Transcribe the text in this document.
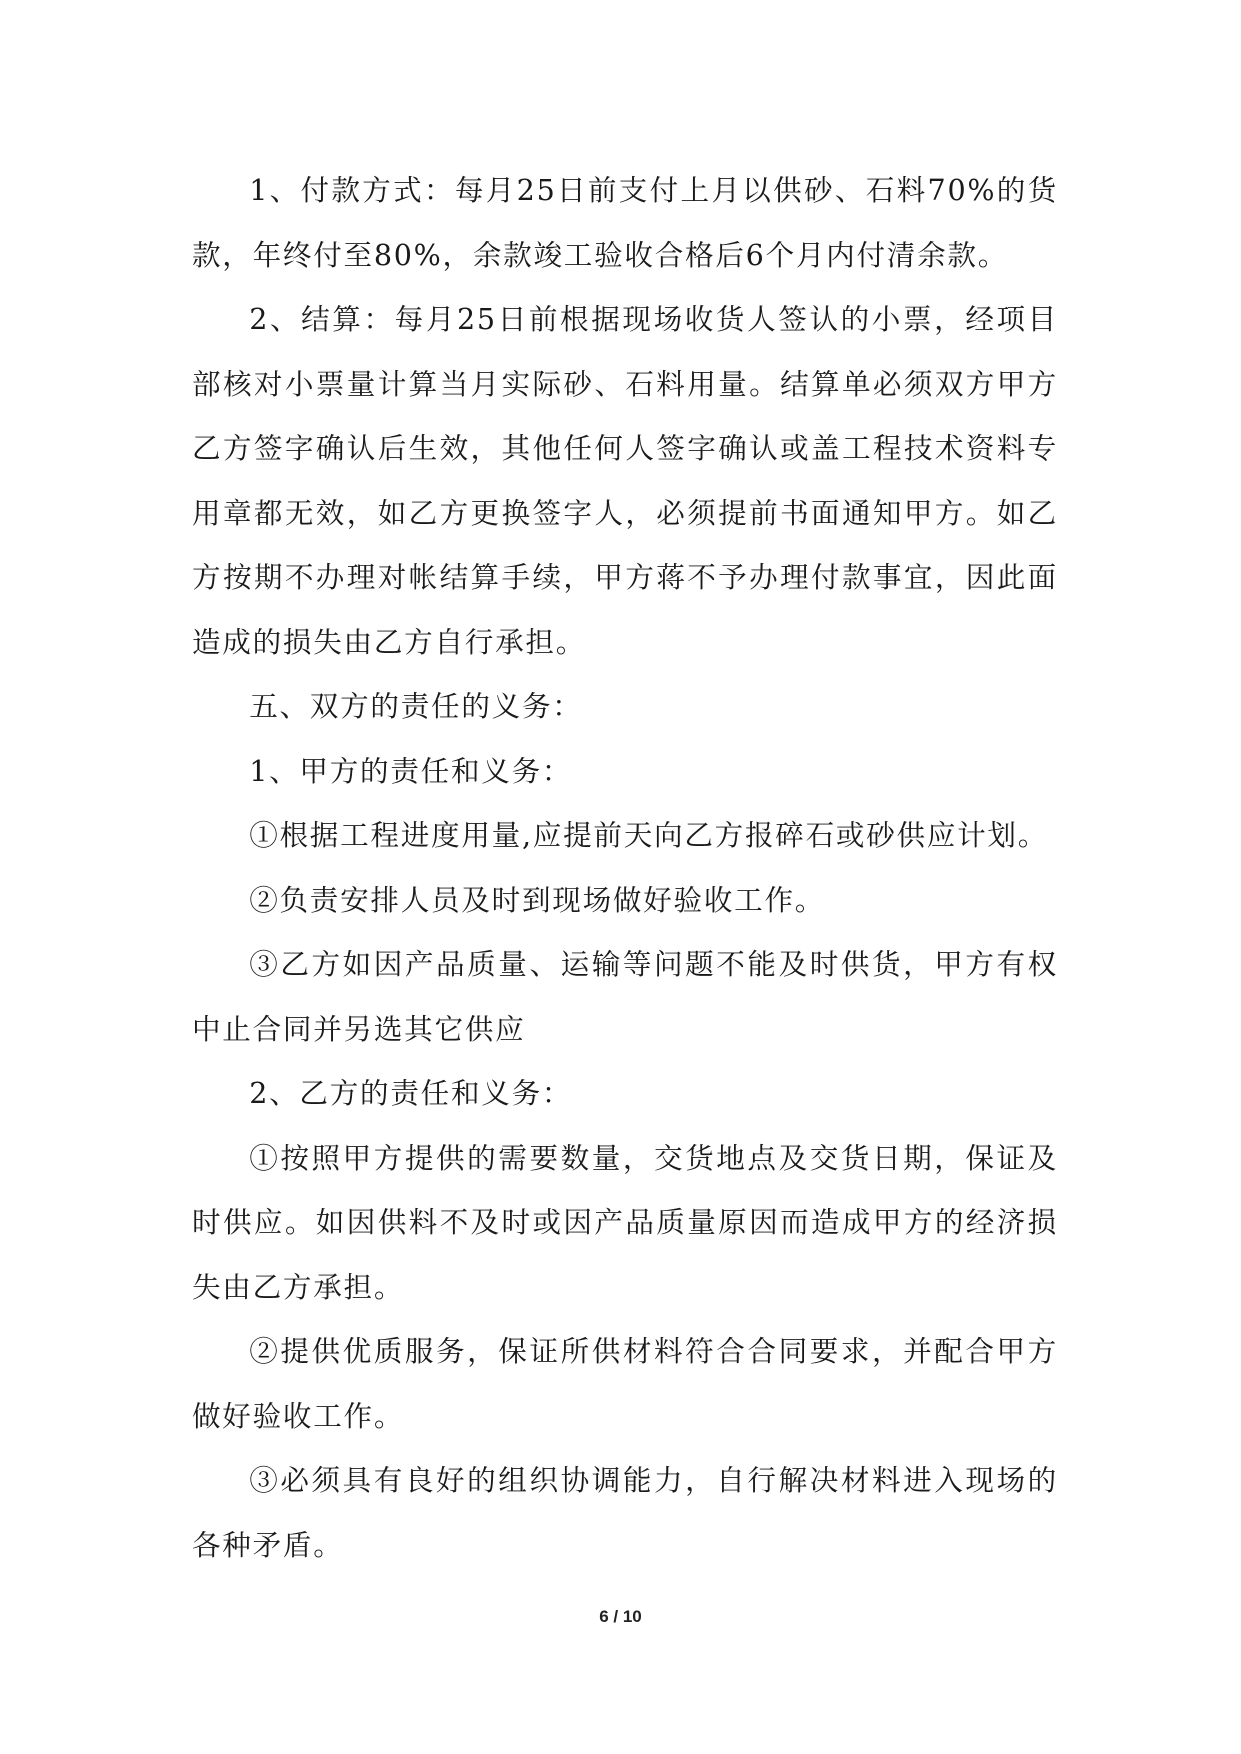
1、付款方式：每月25日前支付上月以供砂、石料70%的货款，年终付至80%，余款竣工验收合格后6个月内付清余款。

2、结算：每月25日前根据现场收货人签认的小票，经项目部核对小票量计算当月实际砂、石料用量。结算单必须双方甲方乙方签字确认后生效，其他任何人签字确认或盖工程技术资料专用章都无效，如乙方更换签字人，必须提前书面通知甲方。如乙方按期不办理对帐结算手续，甲方蒋不予办理付款事宜，因此面造成的损失由乙方自行承担。

五、双方的责任的义务：

1、甲方的责任和义务：

①根据工程进度用量,应提前天向乙方报碎石或砂供应计划。

②负责安排人员及时到现场做好验收工作。

③乙方如因产品质量、运输等问题不能及时供货，甲方有权中止合同并另选其它供应

2、乙方的责任和义务：

①按照甲方提供的需要数量，交货地点及交货日期，保证及时供应。如因供料不及时或因产品质量原因而造成甲方的经济损失由乙方承担。

②提供优质服务，保证所供材料符合合同要求，并配合甲方做好验收工作。

③必须具有良好的组织协调能力，自行解决材料进入现场的各种矛盾。

6 / 10
